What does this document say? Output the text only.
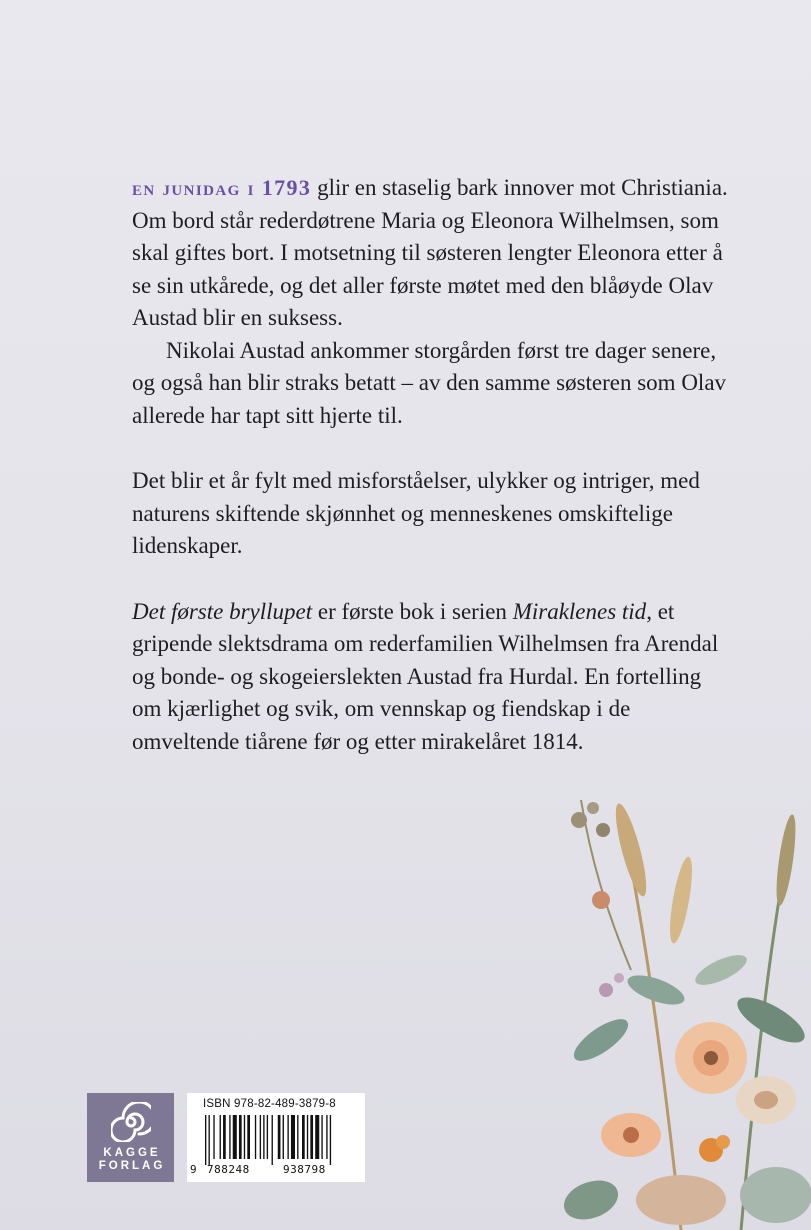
en junidag i 1793 glir en staselig bark innover mot Christiania. Om bord står rederdøtrene Maria og Eleonora Wilhelmsen, som skal giftes bort. I motsetning til søsteren lengter Eleonora etter å se sin utkårede, og det aller første møtet med den blåøyde Olav Austad blir en suksess.

Nikolai Austad ankommer storgården først tre dager senere, og også han blir straks betatt – av den samme søsteren som Olav allerede har tapt sitt hjerte til.

Det blir et år fylt med misforståelser, ulykker og intriger, med naturens skiftende skjønnhet og menneskenes omskiftelige lidenskaper.

Det første bryllupet er første bok i serien Miraklenes tid, et gripende slektsdrama om rederfamilien Wilhelmsen fra Arendal og bonde- og skogeierslekten Austad fra Hurdal. En fortelling om kjærlighet og svik, om vennskap og fiendskap i de omveltende tiårene før og etter mirakelåret 1814.

KAGGE
FORLAG
ISBN 978-82-489-3879-8
9 788248	938798
